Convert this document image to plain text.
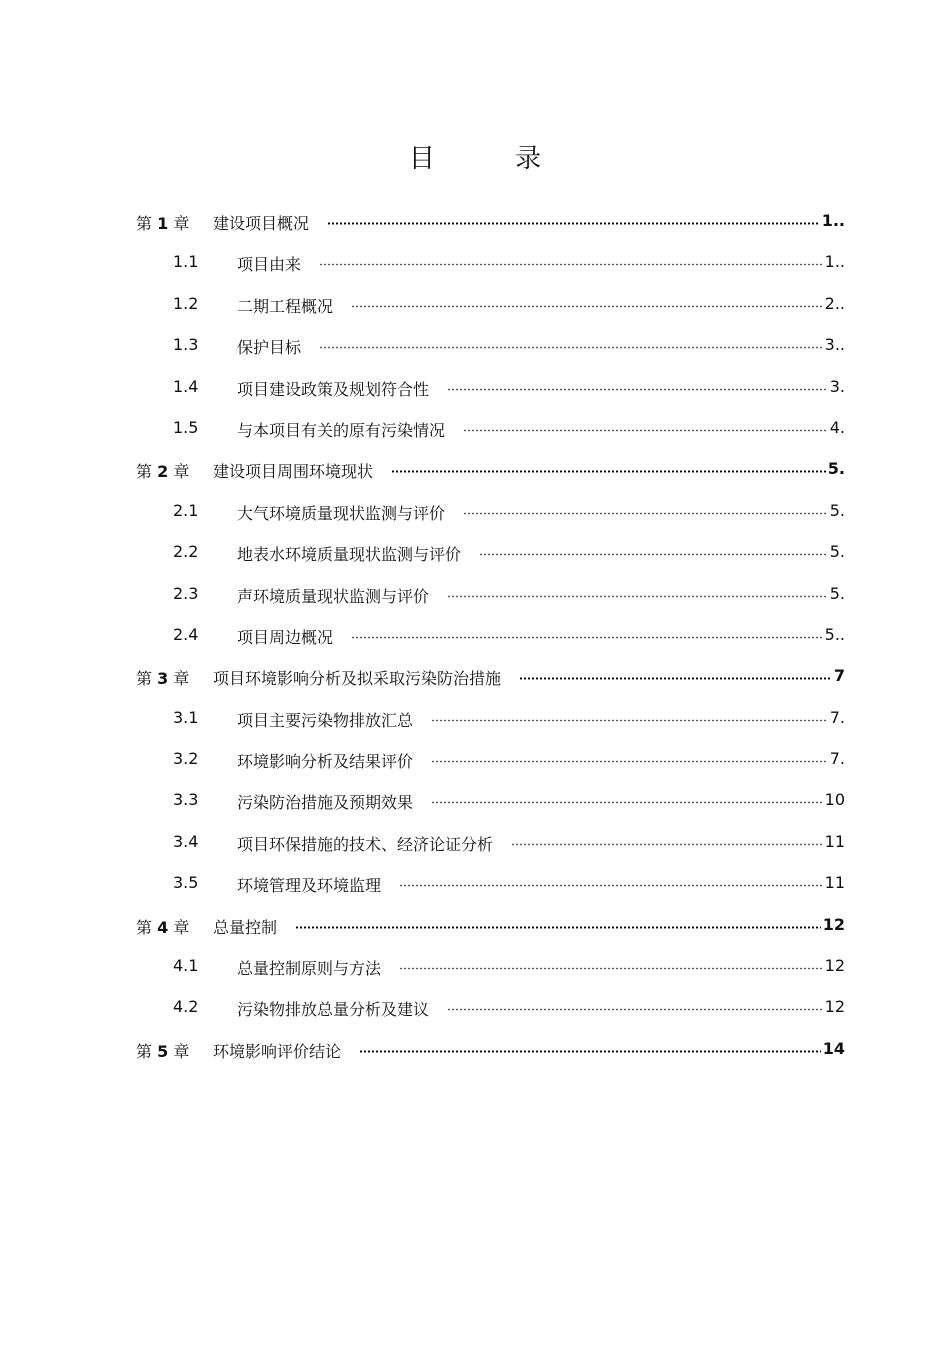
目 录
第 1 章 建设项目概况	1..
1.1 项目由来	1..
1.2 二期工程概况	2..
1.3 保护目标	3..
1.4 项目建设政策及规划符合性	3.
1.5 与本项目有关的原有污染情况	4.
第 2 章 建设项目周围环境现状	5.
2.1 大气环境质量现状监测与评价	5.
2.2 地表水环境质量现状监测与评价	5.
2.3 声环境质量现状监测与评价	5.
2.4 项目周边概况	5..
第 3 章 项目环境影响分析及拟采取污染防治措施	7
3.1 项目主要污染物排放汇总	7.
3.2 环境影响分析及结果评价	7.
3.3 污染防治措施及预期效果	10
3.4 项目环保措施的技术、经济论证分析	11
3.5 环境管理及环境监理	11
第 4 章 总量控制	12
4.1 总量控制原则与方法	12
4.2 污染物排放总量分析及建议	12
第 5 章 环境影响评价结论	14
